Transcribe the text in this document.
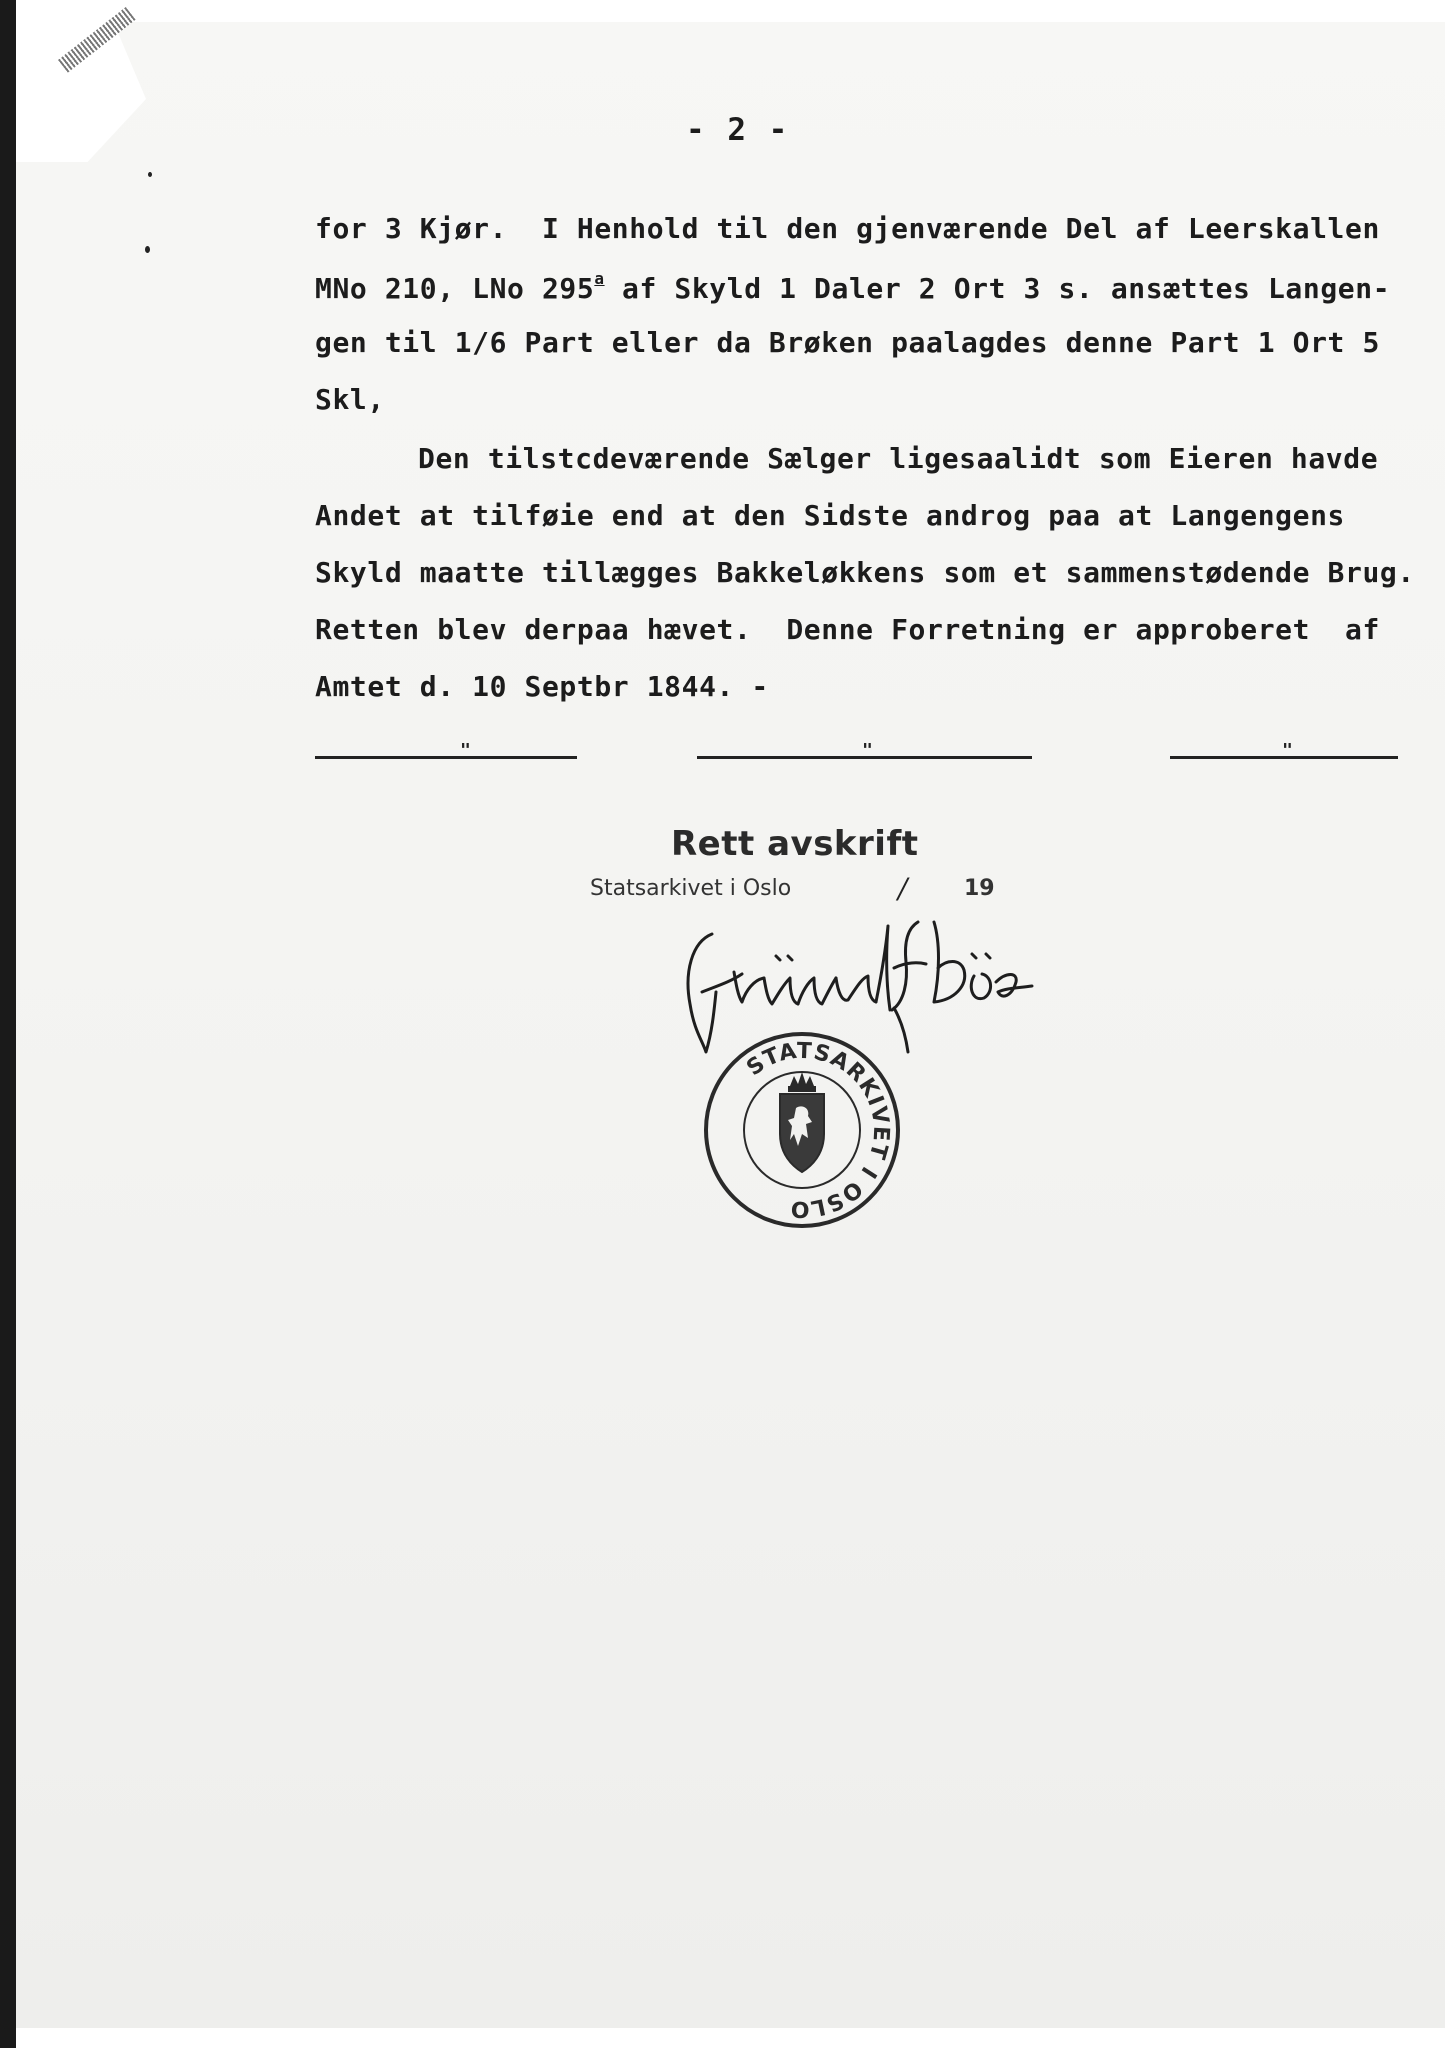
- 2 -
for 3 Kjør.  I Henhold til den gjenværende Del af Leerskallen
MNo 210, LNo 295$^a$ af Skyld 1 Daler 2 Ort 3 s. ansættes Langen-
gen til 1/6 Part eller da Brøken paalagdes denne Part 1 Ort 5
Skl,
Den tilstcdeværende Sælger ligesaalidt som Eieren havde
Andet at tilføie end at den Sidste androg paa at Langengens
Skyld maatte tillægges Bakkeløkkens som et sammenstødende Brug.
Retten blev derpaa hævet.  Denne Forretning er approberet  af
Amtet d. 10 Septbr 1844. -
"	"	"
Rett avskrift
Statsarkivet i Oslo	/	19
STATSARKIVET I OSLO
